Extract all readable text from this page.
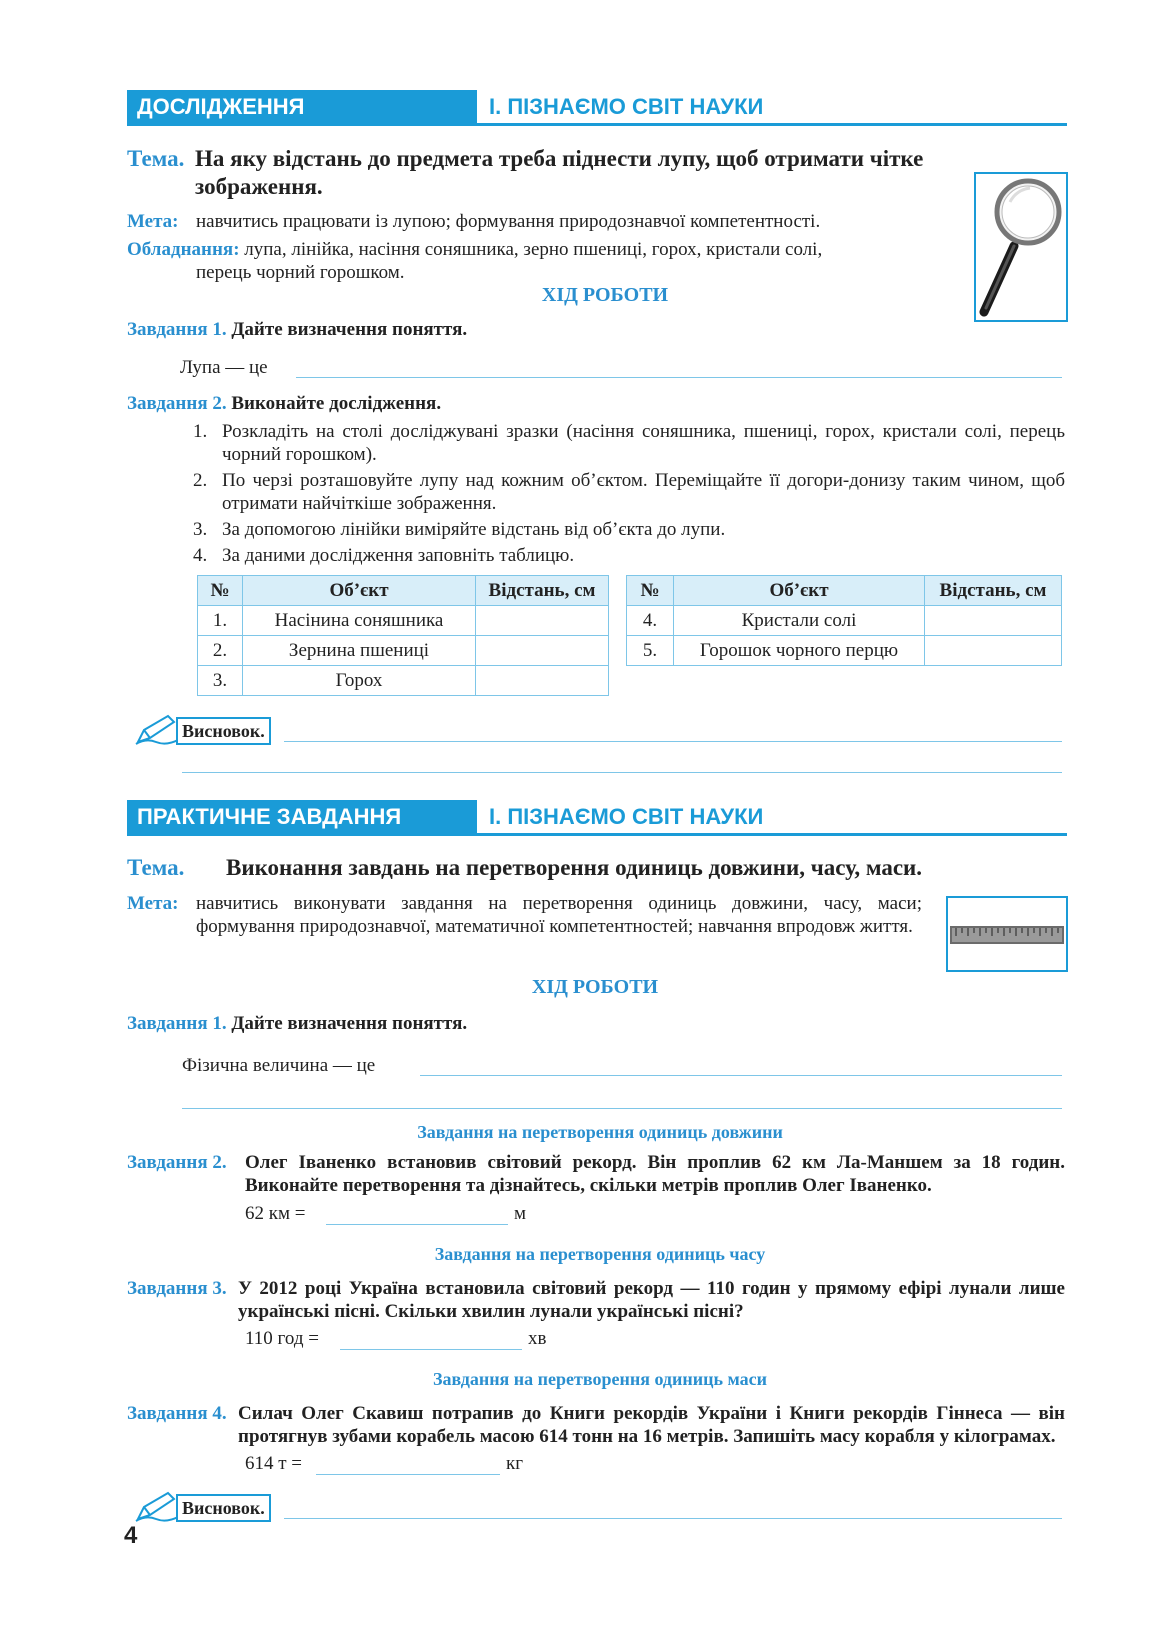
ДОСЛІДЖЕННЯ	І. ПІЗНАЄМО СВІТ НАУКИ
Тема. На яку відстань до предмета треба піднести лупу, щоб отримати чітке
зображення.
Мета: навчитись працювати із лупою; формування природознавчої компетентності.
Обладнання: лупа, лінійка, насіння соняшника, зерно пшениці, горох, кристали солі,
перець чорний горошком.
ХІД РОБОТИ
Завдання 1. Дайте визначення поняття.
Лупа — це
Завдання 2. Виконайте дослідження.
1. Розкладіть на столі досліджувані зразки (насіння соняшника, пшениці, горох, кристали солі, перець чорний горошком).
2. По черзі розташовуйте лупу над кожним об’єктом. Переміщайте її догори-донизу таким чином, щоб отримати найчіткіше зображення.
3. За допомогою лінійки виміряйте відстань від об’єкта до лупи.
4. За даними дослідження заповніть таблицю.
№	Об’єкт	Відстань, см
1.	Насінина соняшника	
2.	Зернина пшениці	
3.	Горох	
№	Об’єкт	Відстань, см
4.	Кристали солі	
5.	Горошок чорного перцю	
Висновок.
ПРАКТИЧНЕ ЗАВДАННЯ	І. ПІЗНАЄМО СВІТ НАУКИ
Тема. Виконання завдань на перетворення одиниць довжини, часу, маси.
Мета: навчитись виконувати завдання на перетворення одиниць довжини, часу, маси; формування природознавчої, математичної компетентностей; навчання впродовж життя.
ХІД РОБОТИ
Завдання 1. Дайте визначення поняття.
Фізична величина — це
Завдання на перетворення одиниць довжини
Завдання 2. Олег Іваненко встановив світовий рекорд. Він проплив 62 км Ла-Маншем за 18 годин. Виконайте перетворення та дізнайтесь, скільки метрів проплив Олег Іваненко.
62 км =	м
Завдання на перетворення одиниць часу
Завдання 3. У 2012 році Україна встановила світовий рекорд — 110 годин у прямому ефірі лунали лише українські пісні. Скільки хвилин лунали українські пісні?
110 год =	хв
Завдання на перетворення одиниць маси
Завдання 4. Силач Олег Скавиш потрапив до Книги рекордів України і Книги рекордів Гіннеса — він протягнув зубами корабель масою 614 тонн на 16 метрів. Запишіть масу корабля у кілограмах.
614 т =	кг
Висновок.
4
